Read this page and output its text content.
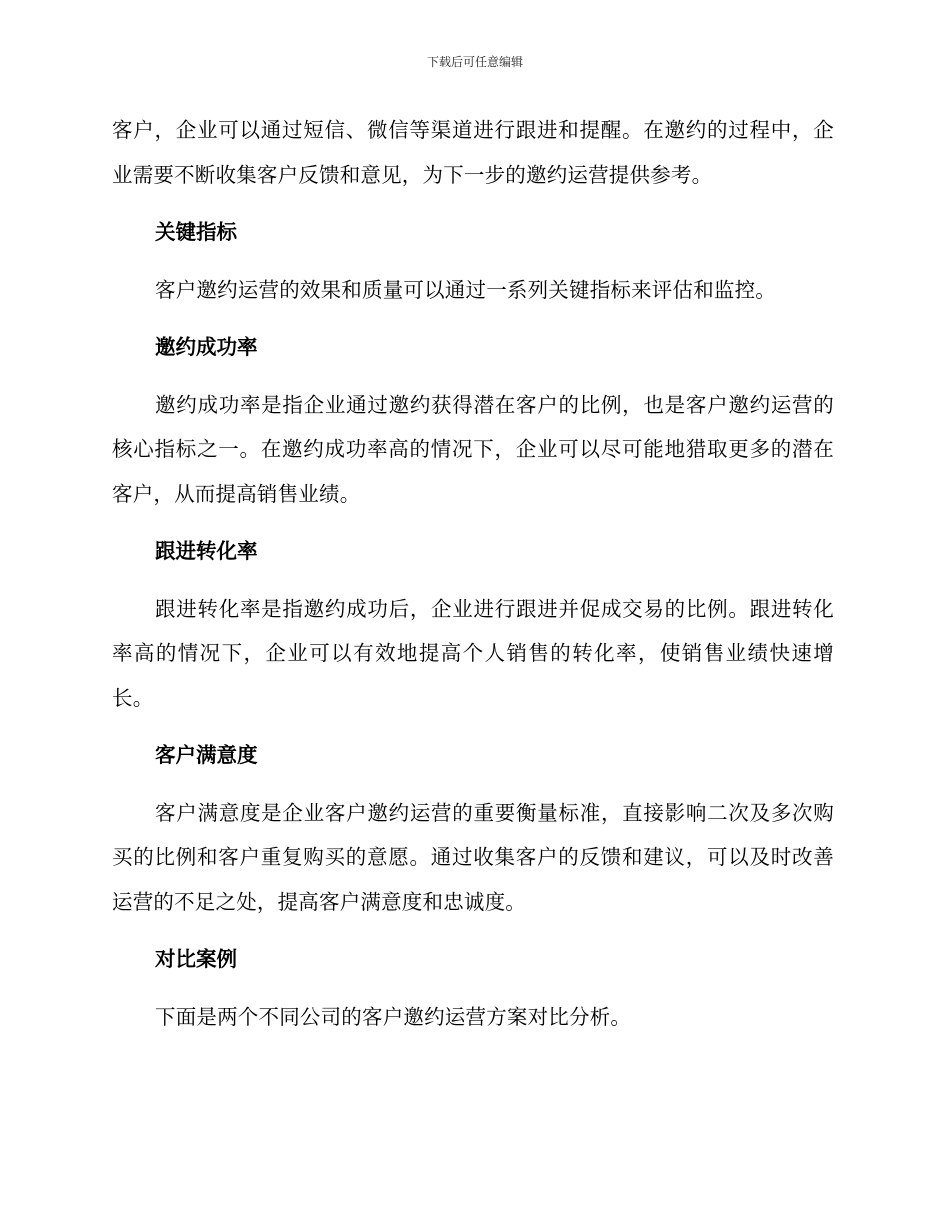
下载后可任意编辑

客户，企业可以通过短信、微信等渠道进行跟进和提醒。在邀约的过程中，企业需要不断收集客户反馈和意见，为下一步的邀约运营提供参考。

关键指标

客户邀约运营的效果和质量可以通过一系列关键指标来评估和监控。

邀约成功率

邀约成功率是指企业通过邀约获得潜在客户的比例，也是客户邀约运营的核心指标之一。在邀约成功率高的情况下，企业可以尽可能地猎取更多的潜在客户，从而提高销售业绩。

跟进转化率

跟进转化率是指邀约成功后，企业进行跟进并促成交易的比例。跟进转化率高的情况下，企业可以有效地提高个人销售的转化率，使销售业绩快速增长。

客户满意度

客户满意度是企业客户邀约运营的重要衡量标准，直接影响二次及多次购买的比例和客户重复购买的意愿。通过收集客户的反馈和建议，可以及时改善运营的不足之处，提高客户满意度和忠诚度。

对比案例

下面是两个不同公司的客户邀约运营方案对比分析。
